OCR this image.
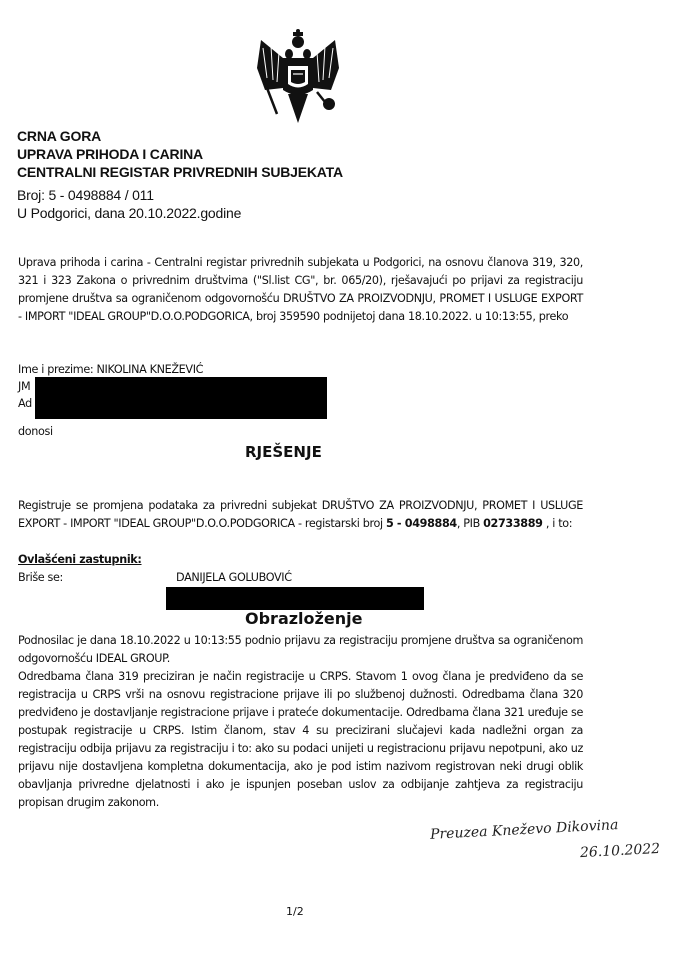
CRNA GORA
UPRAVA PRIHODA I CARINA
CENTRALNI REGISTAR PRIVREDNIH SUBJEKATA
Broj: 5 - 0498884 / 011
U Podgorici, dana 20.10.2022.godine

Uprava prihoda i carina - Centralni registar privrednih subjekata u Podgorici, na osnovu članova 319, 320, 321 i 323 Zakona o privrednim društvima ("Sl.list CG", br. 065/20), rješavajući po prijavi za registraciju promjene društva sa ograničenom odgovornošću DRUŠTVO ZA PROIZVODNJU, PROMET I USLUGE EXPORT - IMPORT "IDEAL GROUP"D.O.O.PODGORICA, broj 359590 podnijetoj dana 18.10.2022. u 10:13:55, preko

Ime i prezime: NIKOLINA KNEŽEVIĆ
JM
Ad
donosi
RJEŠENJE

Registruje se promjena podataka za privredni subjekat DRUŠTVO ZA PROIZVODNJU, PROMET I USLUGE EXPORT - IMPORT "IDEAL GROUP"D.O.O.PODGORICA - registarski broj 5 - 0498884, PIB 02733889 , i to:

Ovlašćeni zastupnik:
Briše se:	DANIJELA GOLUBOVIĆ
Obrazloženje

Podnosilac je dana 18.10.2022 u 10:13:55 podnio prijavu za registraciju promjene društva sa ograničenom odgovornošću IDEAL GROUP.

Odredbama člana 319 preciziran je način registracije u CRPS. Stavom 1 ovog člana je predviđeno da se registracija u CRPS vrši na osnovu registracione prijave ili po službenoj dužnosti. Odredbama člana 320 predviđeno je dostavljanje registracione prijave i prateće dokumentacije. Odredbama člana 321 uređuje se postupak registracije u CRPS. Istim članom, stav 4 su precizirani slučajevi kada nadležni organ za registraciju odbija prijavu za registraciju i to: ako su podaci unijeti u registracionu prijavu nepotpuni, ako uz prijavu nije dostavljena kompletna dokumentacija, ako je pod istim nazivom registrovan neki drugi oblik obavljanja privredne djelatnosti i ako je ispunjen poseban uslov za odbijanje zahtjeva za registraciju propisan drugim zakonom.

Preuzea Kneževo Dikovina
26.10.2022
1/2
